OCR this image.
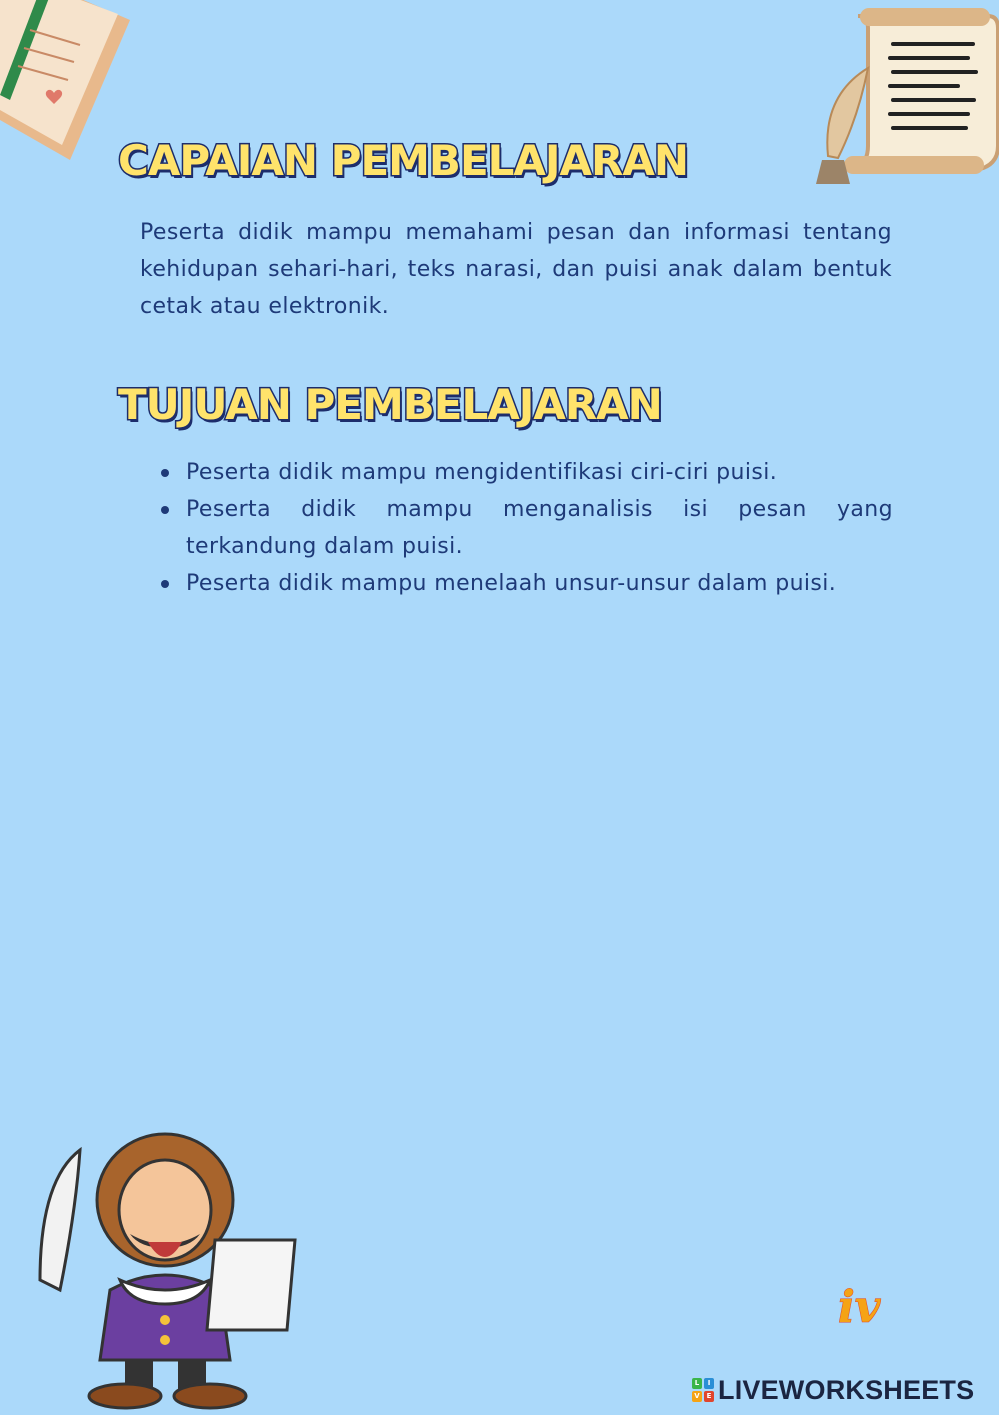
CAPAIAN PEMBELAJARAN
Peserta didik mampu memahami pesan dan informasi tentang kehidupan sehari-hari, teks narasi, dan puisi anak dalam bentuk cetak atau elektronik.
TUJUAN PEMBELAJARAN
Peserta didik mampu mengidentifikasi ciri-ciri puisi.
Peserta didik mampu menganalisis isi pesan yang terkandung dalam puisi.
Peserta didik mampu menelaah unsur-unsur dalam puisi.
iv
L	I
V E LIVEWORKSHEETS
